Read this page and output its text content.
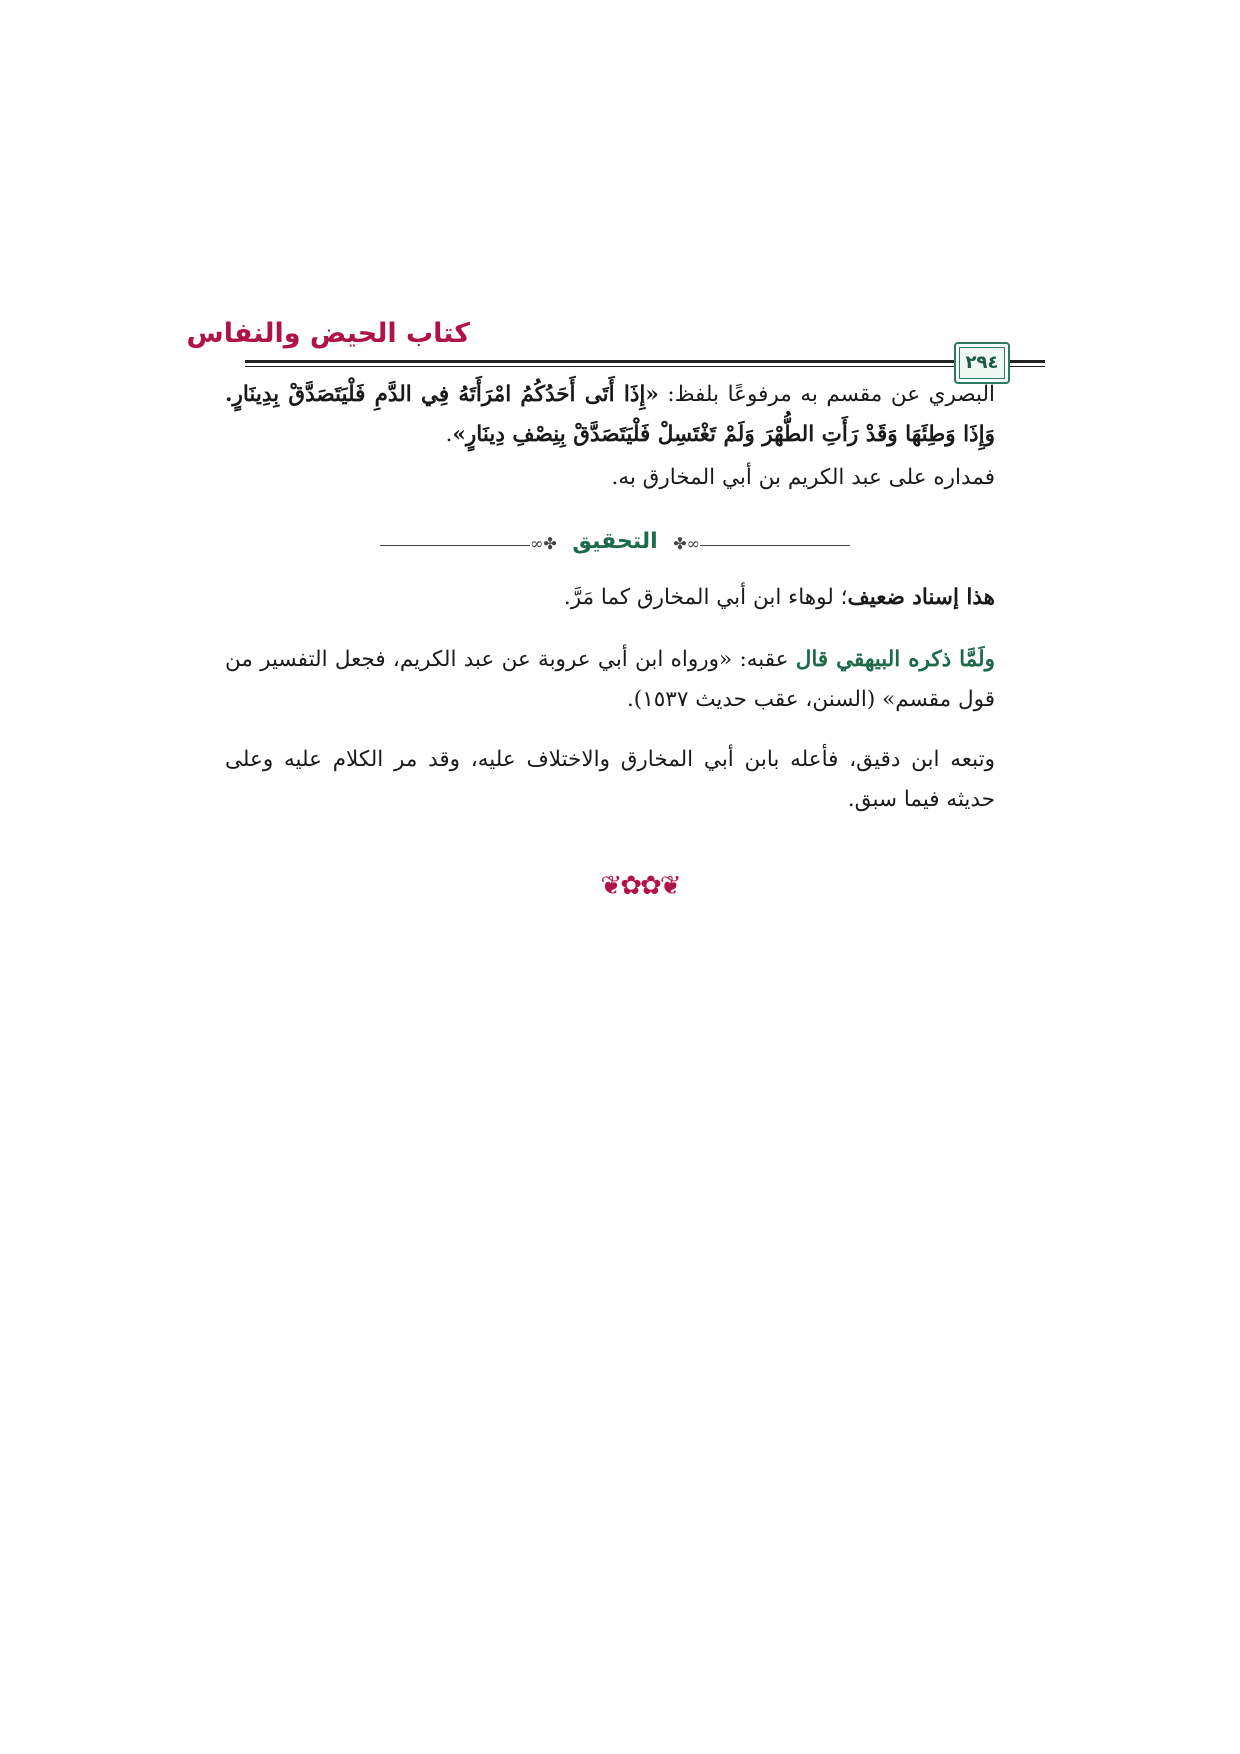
كتاب الحيض والنفاس
٢٩٤
البصري عن مقسم به مرفوعًا بلفظ: «إِذَا أَتَى أَحَدُكُمُ امْرَأَتَهُ فِي الدَّمِ فَلْيَتَصَدَّقْ بِدِينَارٍ. وَإِذَا وَطِئَهَا وَقَدْ رَأَتِ الطُّهْرَ وَلَمْ تَغْتَسِلْ فَلْيَتَصَدَّقْ بِنِصْفِ دِينَارٍ».
فمداره على عبد الكريم بن أبي المخارق به.
∞✤ التحقيق ✤∞
هذا إسناد ضعيف؛ لوهاء ابن أبي المخارق كما مَرَّ.
ولَمَّا ذكره البيهقي قال عقبه: «ورواه ابن أبي عروبة عن عبد الكريم، فجعل التفسير من قول مقسم» (السنن، عقب حديث ١٥٣٧).
وتبعه ابن دقيق، فأعله بابن أبي المخارق والاختلاف عليه، وقد مر الكلام عليه وعلى حديثه فيما سبق.
❦✿✿❦
